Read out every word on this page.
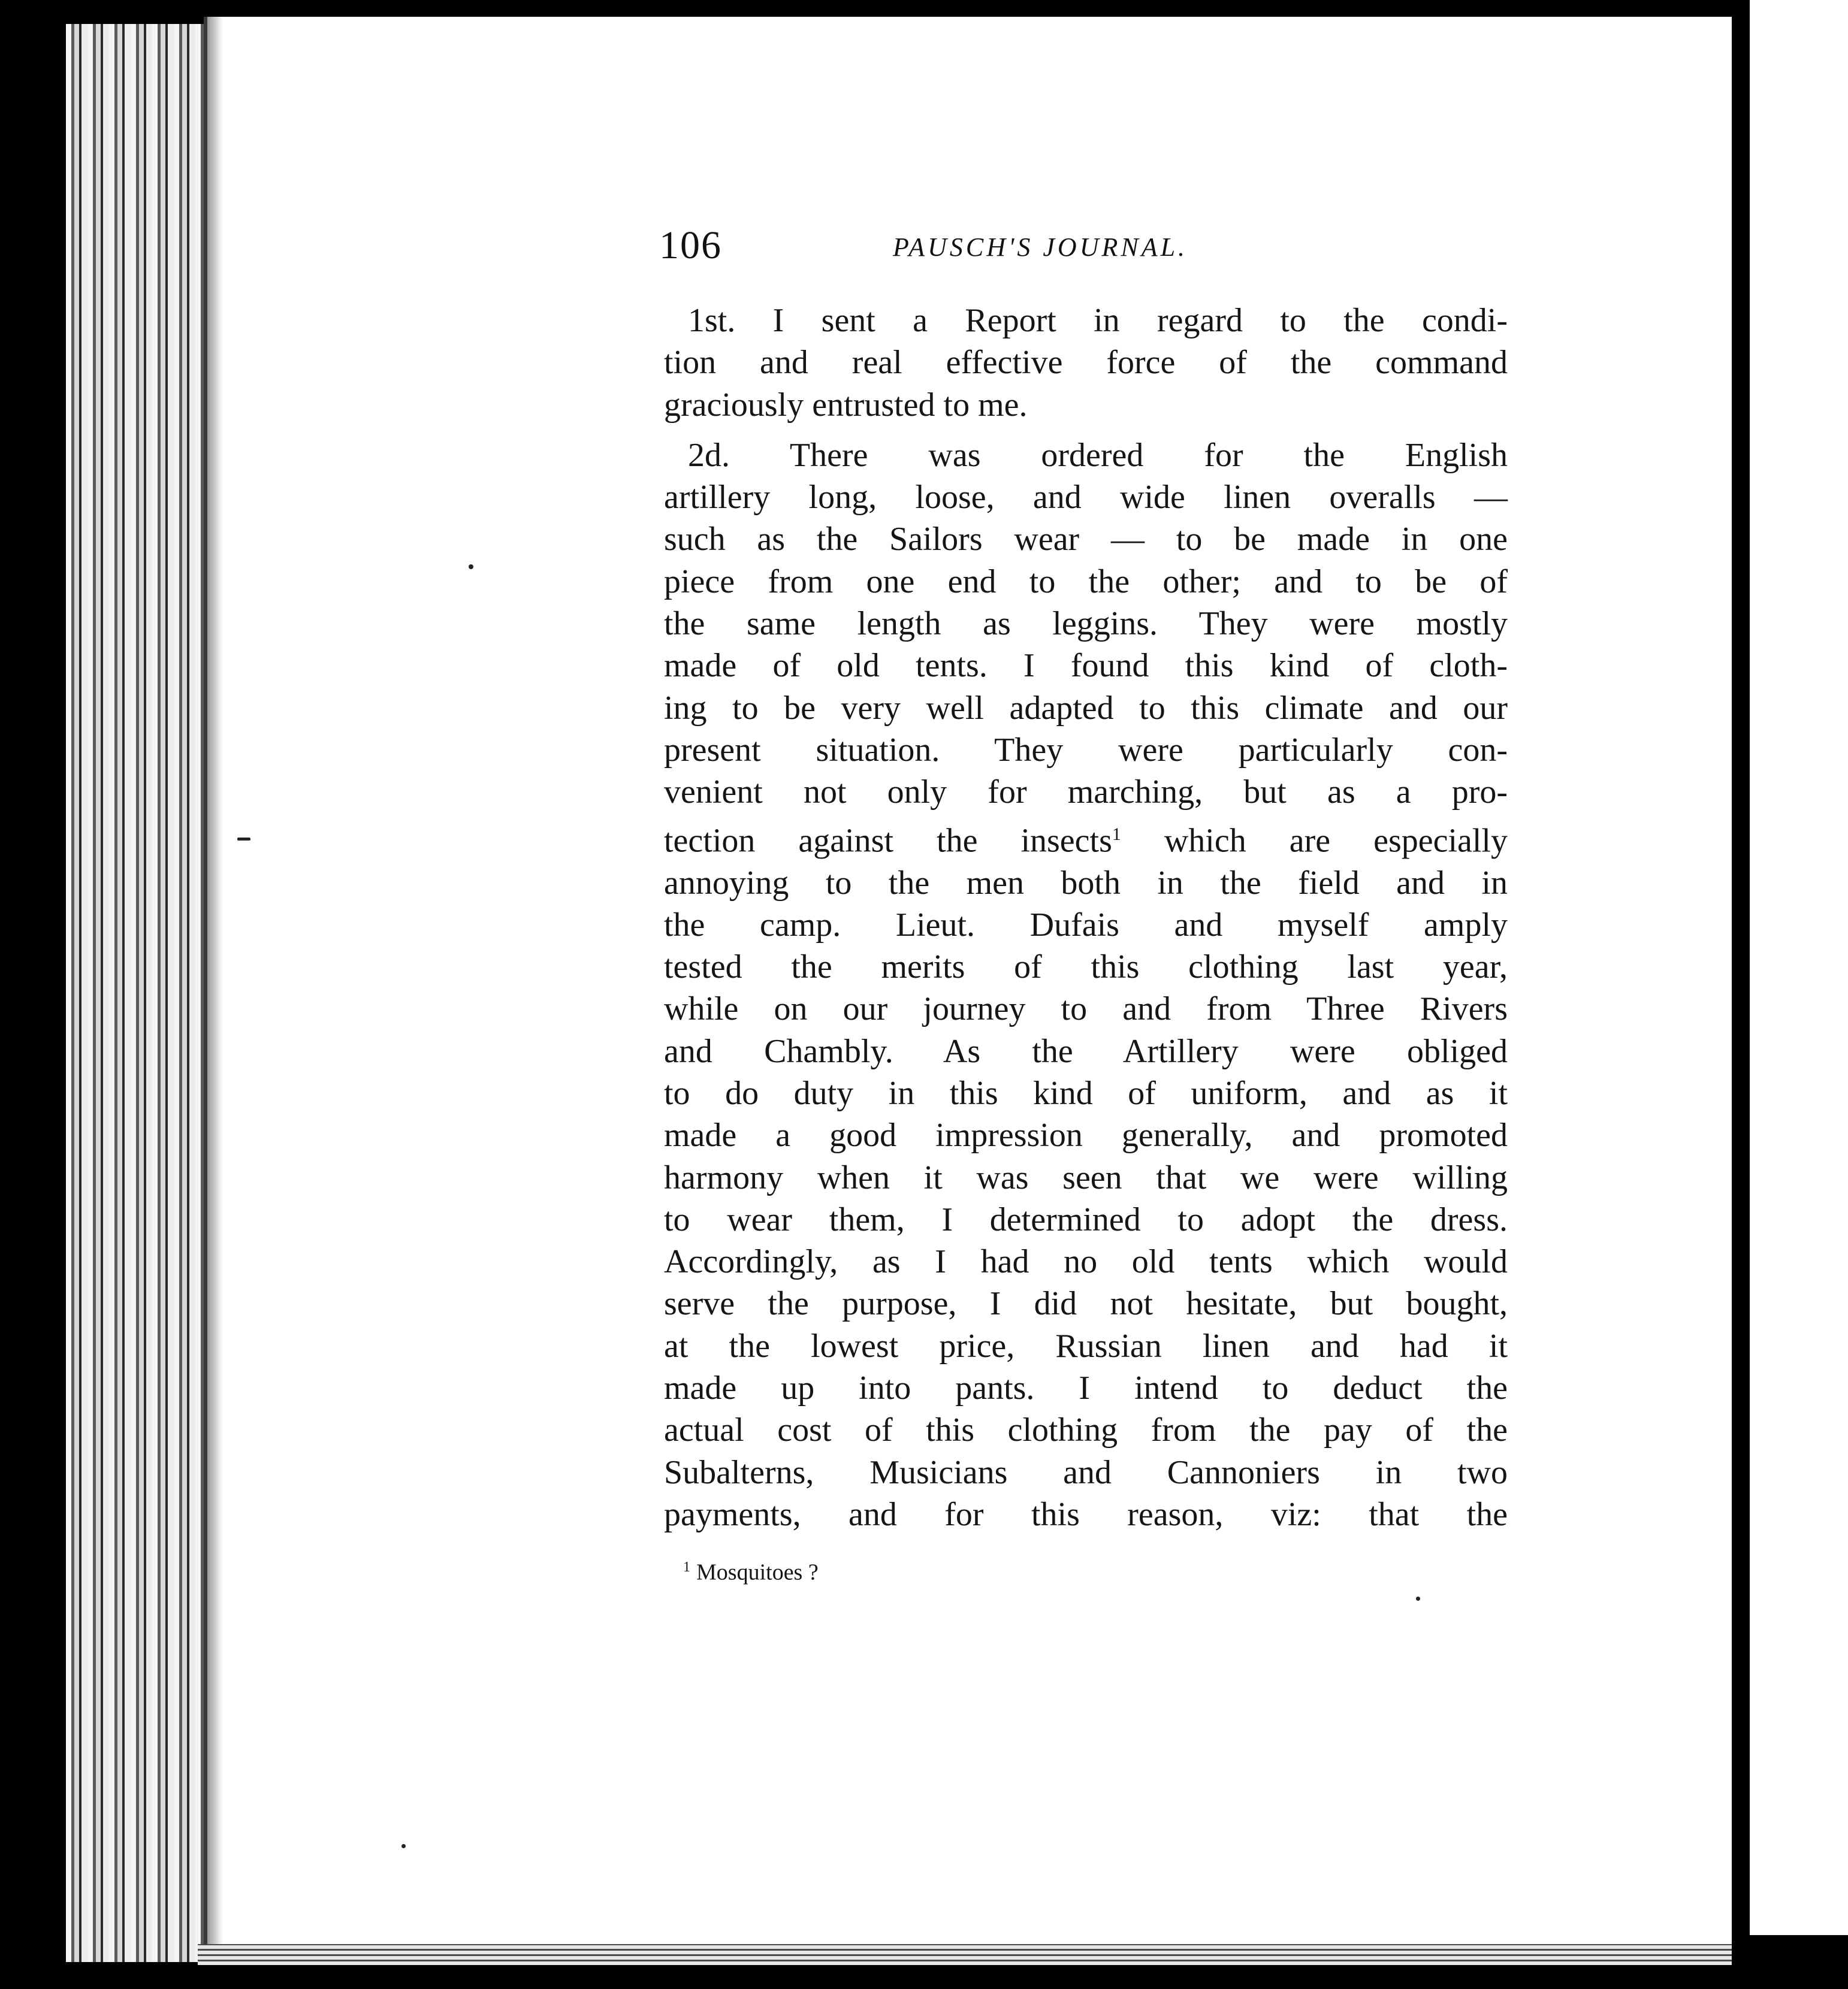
106	PAUSCH'S JOURNAL.

1st. I sent a Report in regard to the condi-
tion and real effective force of the command
graciously entrusted to me.

2d. There was ordered for the English
artillery long, loose, and wide linen overalls —
such as the Sailors wear — to be made in one
piece from one end to the other; and to be of
the same length as leggins. They were mostly
made of old tents. I found this kind of cloth-
ing to be very well adapted to this climate and our
present situation. They were particularly con-
venient not only for marching, but as a pro-
tection against the insects$^1$ which are especially
annoying to the men both in the field and in
the camp. Lieut. Dufais and myself amply
tested the merits of this clothing last year,
while on our journey to and from Three Rivers
and Chambly. As the Artillery were obliged
to do duty in this kind of uniform, and as it
made a good impression generally, and promoted
harmony when it was seen that we were willing
to wear them, I determined to adopt the dress.
Accordingly, as I had no old tents which would
serve the purpose, I did not hesitate, but bought,
at the lowest price, Russian linen and had it
made up into pants. I intend to deduct the
actual cost of this clothing from the pay of the
Subalterns, Musicians and Cannoniers in two
payments, and for this reason, viz: that the

$^1$ Mosquitoes ?
